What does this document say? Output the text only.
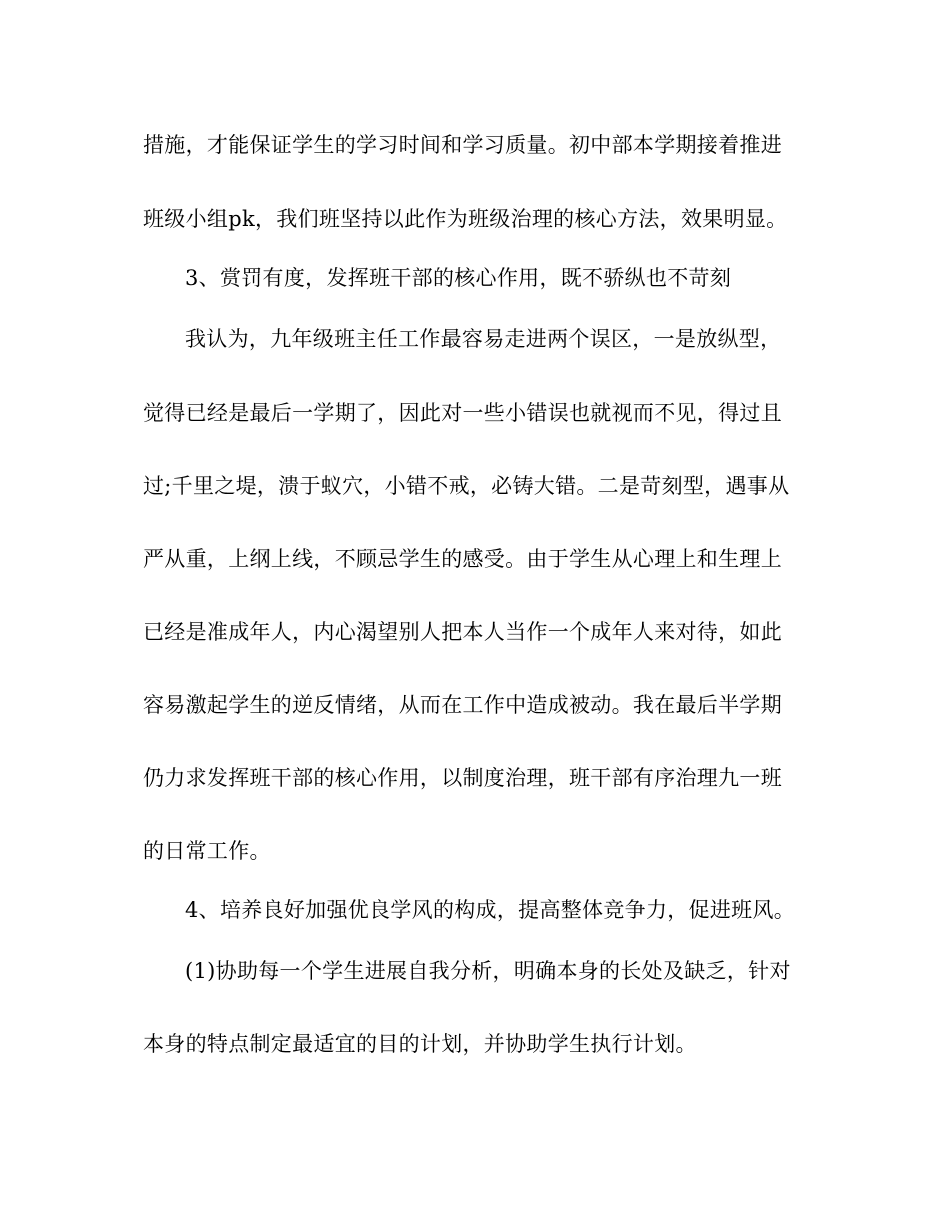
措施，才能保证学生的学习时间和学习质量。初中部本学期接着推进
班级小组pk，我们班坚持以此作为班级治理的核心方法，效果明显。
3、赏罚有度，发挥班干部的核心作用，既不骄纵也不苛刻
我认为，九年级班主任工作最容易走进两个误区，一是放纵型，
觉得已经是最后一学期了，因此对一些小错误也就视而不见，得过且
过;千里之堤，溃于蚁穴，小错不戒，必铸大错。二是苛刻型，遇事从
严从重，上纲上线，不顾忌学生的感受。由于学生从心理上和生理上
已经是准成年人，内心渴望别人把本人当作一个成年人来对待，如此
容易激起学生的逆反情绪，从而在工作中造成被动。我在最后半学期
仍力求发挥班干部的核心作用，以制度治理，班干部有序治理九一班
的日常工作。
4、培养良好加强优良学风的构成，提高整体竞争力，促进班风。
(1)协助每一个学生进展自我分析，明确本身的长处及缺乏，针对
本身的特点制定最适宜的目的计划，并协助学生执行计划。
